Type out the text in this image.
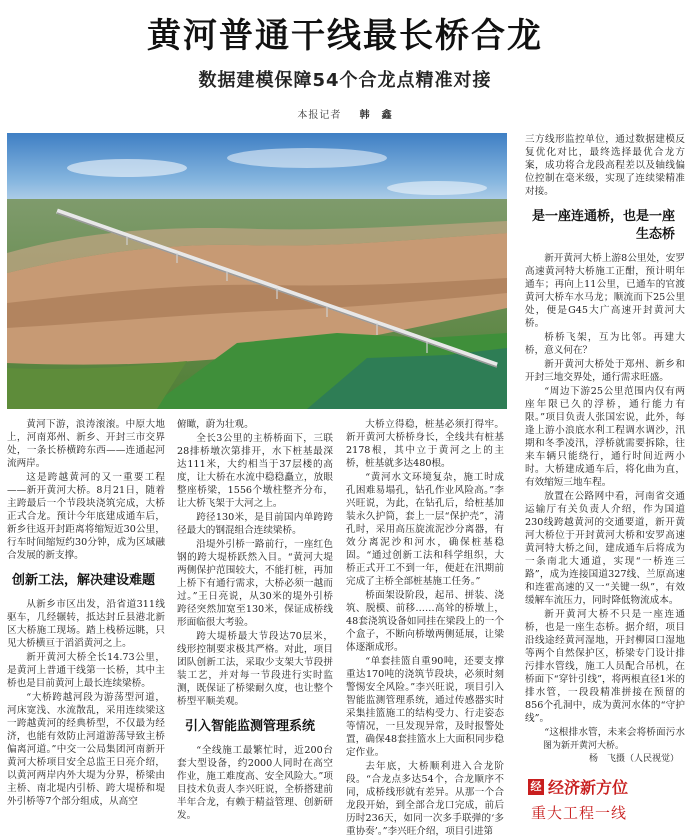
黄河普通干线最长桥合龙
数据建模保障54个合龙点精准对接
本报记者 韩　鑫

黄河下游，浪涛滚滚。中原大地上，河南郑州、新乡、开封三市交界处，一条长桥横跨东西——连通起河流两岸。

这是跨越黄河的又一重要工程——新开黄河大桥。8月21日，随着主跨最后一个节段块浇筑完成，大桥正式合龙。预计今年底建成通车后，新乡往返开封距离将缩短近30公里，行车时间缩短约30分钟，成为区域融合发展的新支撑。

创新工法，解决建设难题

从新乡市区出发，沿省道311线驱车，几经辗转，抵达封丘县港北新区大桥施工现场。踏上栈桥远眺，只见大桥横亘于滔滔黄河之上。

新开黄河大桥全长14.73公里，是黄河上普通干线第一长桥，其中主桥也是目前黄河上最长连续梁桥。

“大桥跨越河段为游荡型河道，河床宽浅、水流散乱，采用连续梁这一跨越黄河的经典桥型，不仅最为经济，也能有效防止河道游荡导致主桥偏离河道。”中交一公局集团河南新开黄河大桥项目安全总监王日亮介绍，以黄河两岸内外大堤为分界，桥梁由主桥、南北堤内引桥、跨大堤桥和堤外引桥等7个部分组成，从高空

俯瞰，蔚为壮观。

全长3公里的主桥桥面下，三联28排桥墩次第排开，水下桩基最深达111米，大约相当于37层楼的高度，让大桥在水流中稳稳矗立，放眼整座桥梁，1556个墩柱整齐分布，让大桥飞架于大河之上。

跨径130米，是目前国内单跨跨径最大的钢混组合连续梁桥。

沿堤外引桥一路前行，一座红色钢的跨大堤桥跃然入目。“黄河大堤两侧保护范围较大，不能打桩，再加上桥下有通行需求，大桥必须一越而过。”王日亮说，从30米的堤外引桥跨径突然加宽至130米，保证成桥线形面临很大考验。

跨大堤桥最大节段达70层米，线形控制要求极其严格。对此，项目团队创新工法，采取少支架大节段拼装工艺，并对每一节段进行实时监测，既保证了桥梁耐久度，也让整个桥型平顺美观。

引入智能监测管理系统

“全线施工最繁忙时，近200台套大型设备，约2000人同时在高空作业，施工难度高、安全风险大。”项目技术负责人李兴旺说，全桥搭建前半年合龙，有赖于精益管理、创新研发。

大桥立得稳，桩基必须打得牢。新开黄河大桥桥身长，全线共有桩基2178根，其中立于黄河之上的主桥，桩基就多达480根。

“黄河水文环境复杂，施工时成孔困难易塌孔，钻孔作业风险高。”李兴旺说，为此，在钻孔后，给桩基加装永久护筒，套上一层“保护壳”，清孔时，采用高压旋流泥沙分离器，有效分离泥沙和河水，确保桩基稳固。“通过创新工法和科学组织，大桥正式开工不到一年，便赶在汛期前完成了主桥全部桩基施工任务。”

桥面架设阶段，起吊、拼装、浇筑、脱模、前移……高耸的桥墩上，48套浇筑设备如同挂在梁段上的一个个盒子，不断向桥墩两侧延展，让梁体逐渐成形。

“单套挂篮自重90吨，还要支撑重达170吨的浇筑节段块，必须时刻警惕安全风险。”李兴旺说，项目引入智能监测管理系统，通过传感器实时采集挂篮施工的结构受力、行走姿态等情况，一旦发现异常，及时报警处置，确保48套挂篮水上大面积同步稳定作业。

去年底，大桥顺利进入合龙阶段。“合龙点多达54个，合龙顺序不同，成桥线形就有差异。从那一个合龙段开始，到全部合龙口完成，前后历时236天，如同一次多手联弹的‘多重协奏’。”李兴旺介绍，项目引进第

三方线形监控单位，通过数据建模反复优化对比，最终选择最优合龙方案，成功将合龙段高程差以及轴线偏位控制在毫米级，实现了连续梁精准对接。

是一座连通桥，也是一座生态桥

新开黄河大桥上游8公里处，安罗高速黄河特大桥施工正酣，预计明年通车；再向上11公里，已通车的官渡黄河大桥车水马龙；顺流而下25公里处，便是G45大广高速开封黄河大桥。

桥桥飞架，互为比邻。再建大桥，意义何在？

新开黄河大桥处于郑州、新乡和开封三地交界处，通行需求旺盛。

“周边下游25公里范围内仅有两座年限已久的浮桥，通行能力有限。”项目负责人张国宏说，此外，每逢上游小浪底水利工程调水调沙，汛期和冬季凌汛，浮桥就需要拆除，往来车辆只能绕行，通行时间近两小时。大桥建成通车后，将化曲为直，有效缩短三地车程。

放置在公路网中看，河南省交通运输厅有关负责人介绍，作为国道230线跨越黄河的交通要道，新开黄河大桥位于开封黄河大桥和安罗高速黄河特大桥之间，建成通车后将成为一条南北大通道，实现“一桥连三路”，成为连接国道327线、兰原高速和连霍高速的又一“关键一纵”，有效缓解车流压力，同时降低物流成本。

新开黄河大桥不只是一座连通桥，也是一座生态桥。据介绍，项目沿线途经黄河湿地，开封柳园口湿地等两个自然保护区，桥梁专门设计排污排水管线，施工人员配合吊机，在桥面下“穿针引线”，将两根直径1米的排水管，一段段精准拼接在预留的856个孔洞中，成为黄河水体的“守护线”。

“这根排水管，未来会将桥面污水

图为新开黄河大桥。
杨　飞摄（人民视觉）
经 经济新方位
重大工程一线
